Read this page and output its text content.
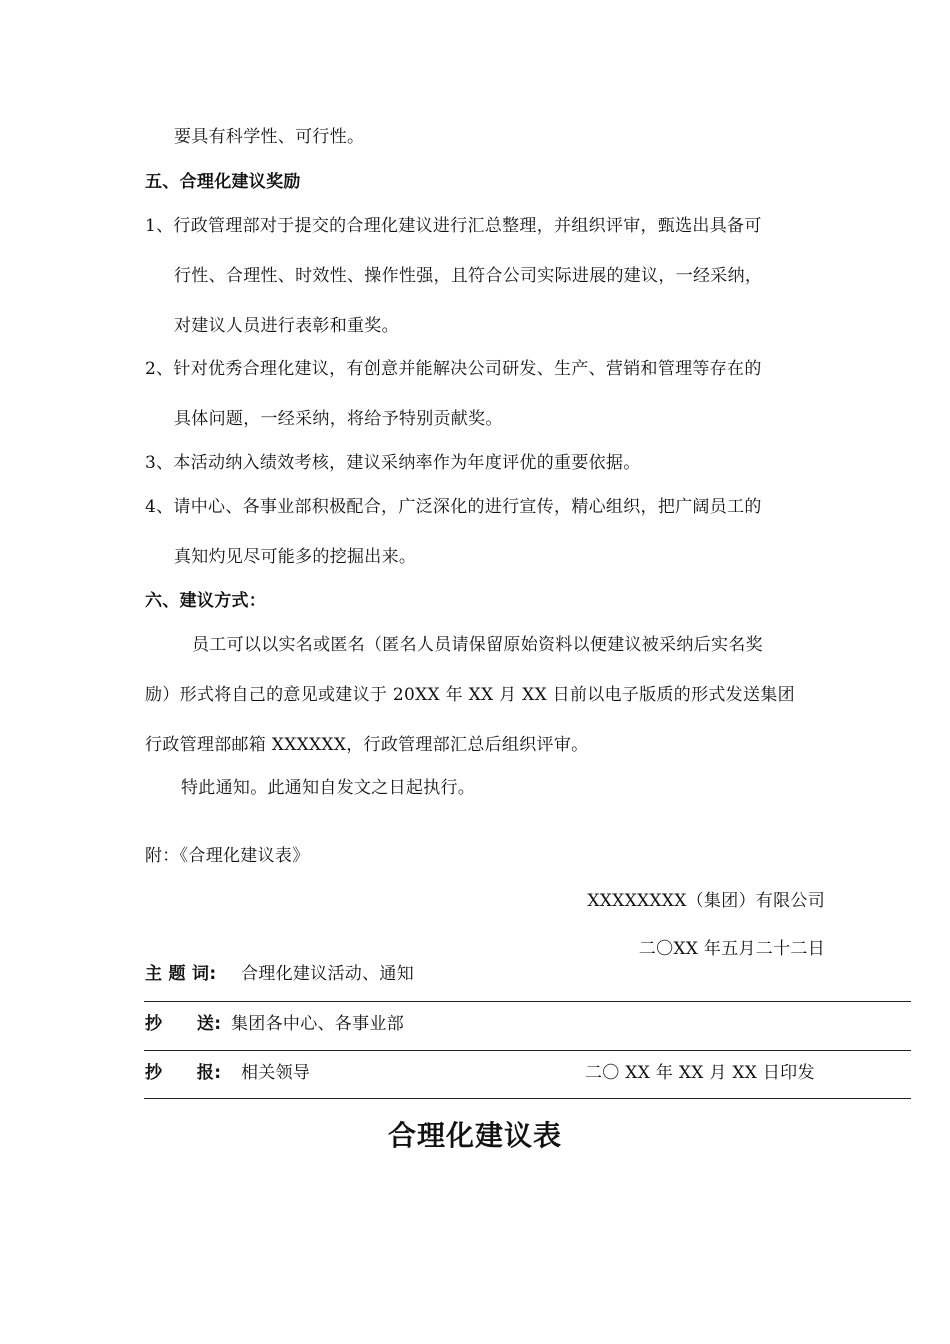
要具有科学性、可行性。
五、合理化建议奖励
1、行政管理部对于提交的合理化建议进行汇总整理，并组织评审，甄选出具备可
行性、合理性、时效性、操作性强，且符合公司实际进展的建议，一经采纳，
对建议人员进行表彰和重奖。
2、针对优秀合理化建议，有创意并能解决公司研发、生产、营销和管理等存在的
具体问题，一经采纳，将给予特别贡献奖。
3、本活动纳入绩效考核，建议采纳率作为年度评优的重要依据。
4、请中心、各事业部积极配合，广泛深化的进行宣传，精心组织，把广阔员工的
真知灼见尽可能多的挖掘出来。
六、建议方式：
员工可以以实名或匿名（匿名人员请保留原始资料以便建议被采纳后实名奖
励）形式将自己的意见或建议于 20XX 年 XX 月 XX 日前以电子版质的形式发送集团
行政管理部邮箱 XXXXXX，行政管理部汇总后组织评审。
特此通知。此通知自发文之日起执行。
附：《合理化建议表》
XXXXXXXX（集团）有限公司
二〇XX 年五月二十二日
主 题 词: 合理化建议活动、通知
抄　　送: 集团各中心、各事业部
抄　　报: 相关领导	二〇 XX 年 XX 月 XX 日印发
合理化建议表
